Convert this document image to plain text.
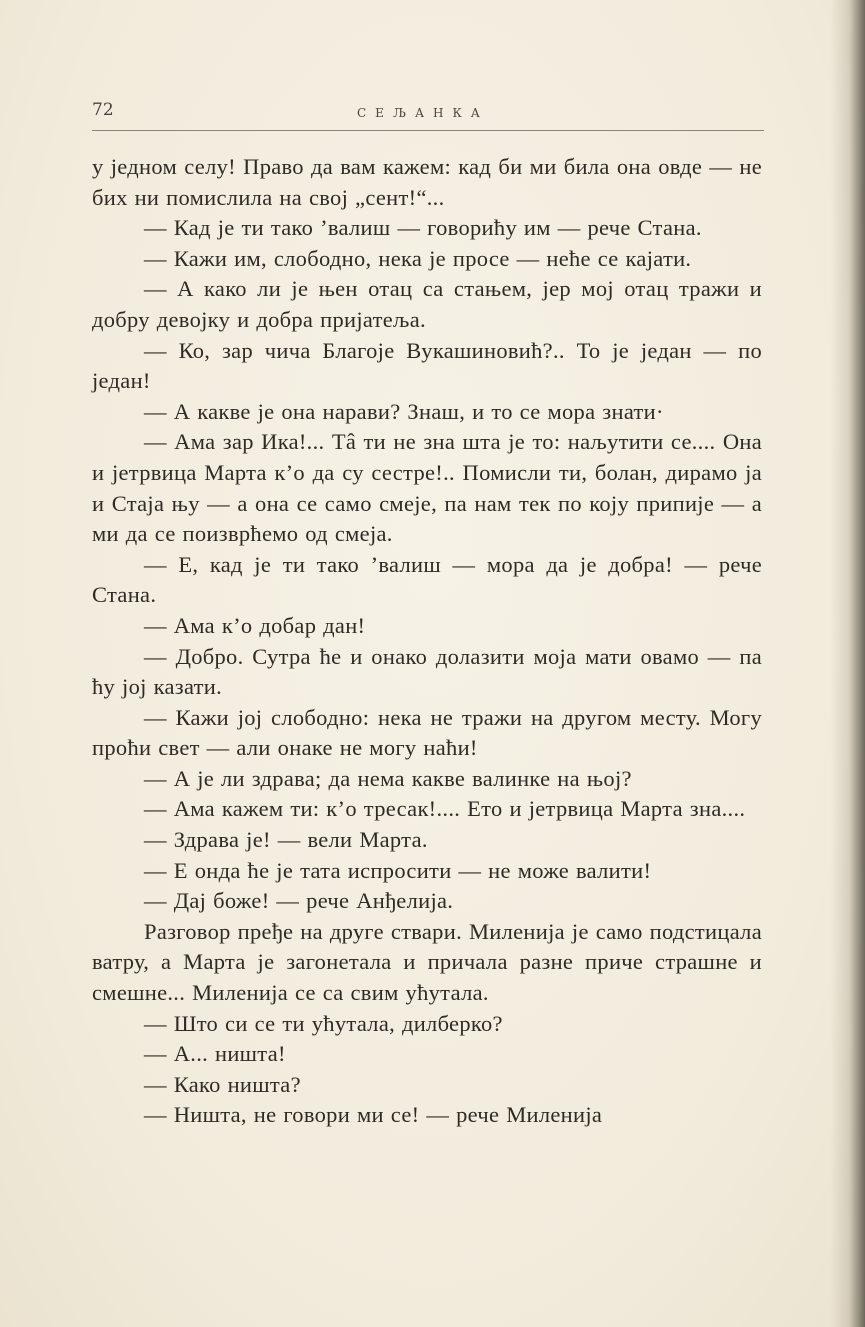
72	СЕЉАНКА

у једном селу! Право да вам кажем: кад би ми била она овде — не бих ни помислила на свој „сент!“...

— Кад је ти тако ’валиш — говорићу им — рече Стана.

— Кажи им, слободно, нека је просе — неће се кајати.

— А како ли је њен отац са стањем, јер мој отац тражи и добру девојку и добра пријатеља.

— Ко, зар чича Благоје Вукашиновић?.. То је један — по један!

— А какве је она нарави? Знаш, и то се мора знати·

— Ама зар Ика!... Тâ ти не зна шта је то: наљутити се.... Она и јетрвица Марта к’о да су сестре!.. Помисли ти, болан, дирамо ја и Стаја њу — а она се само смеје, па нам тек по коју припије — а ми да се поизврћемо од смеја.

— Е, кад је ти тако ’валиш — мора да је добра! — рече Стана.

— Ама к’о добар дан!

— Добро. Сутра ће и онако долазити моја мати овамо — па ћу јој казати.

— Кажи јој слободно: нека не тражи на другом месту. Могу проћи свет — али онаке не могу наћи!

— А је ли здрава; да нема какве валинке на њој?

— Ама кажем ти: к’о тресак!.... Ето и јетрвица Марта зна....

— Здрава је! — вели Марта.

— Е онда ће је тата испросити — не може валити!

— Дај боже! — рече Анђелија.

Разговор пређе на друге ствари. Миленија је само подстицала ватру, а Марта је загонетала и причала разне приче страшне и смешне... Миленија се са свим ућутала.

— Што си се ти ућутала, дилберко?

— А... ништа!

— Како ништа?

— Ништа, не говори ми се! — рече Миленија
